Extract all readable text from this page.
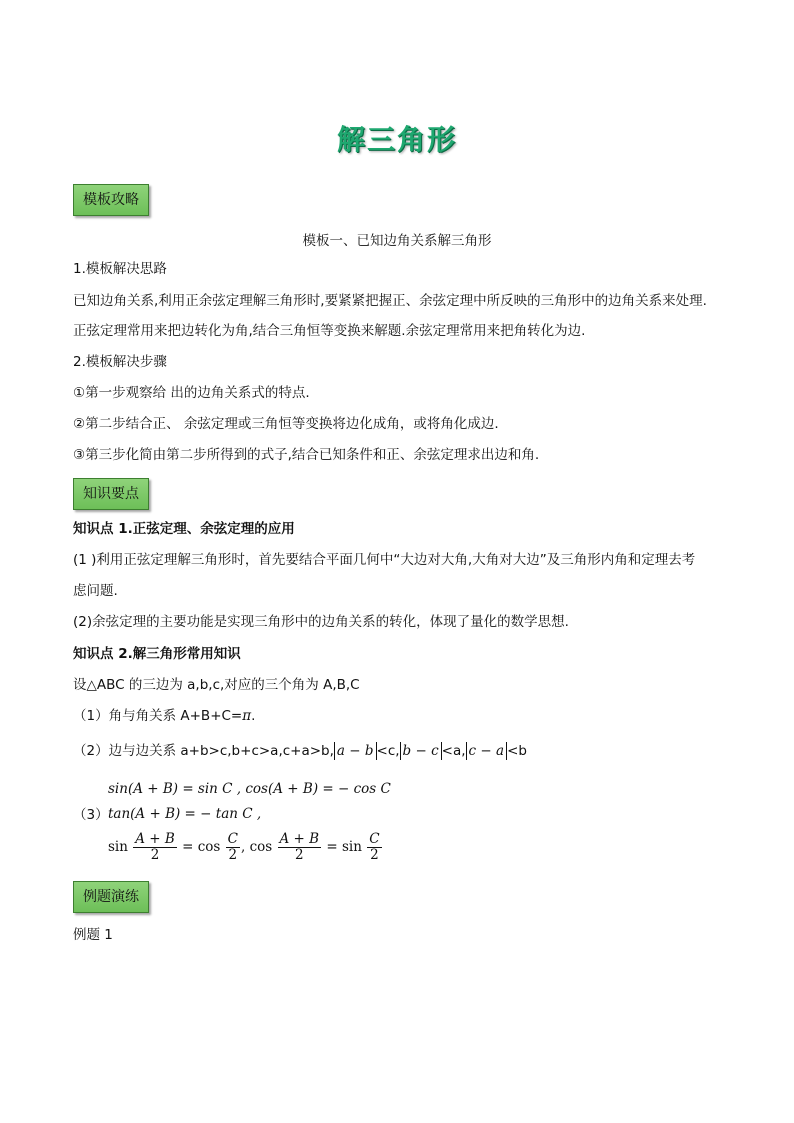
解三角形
模板攻略
模板一、已知边角关系解三角形
1.模板解决思路
已知边角关系,利用正余弦定理解三角形时,要紧紧把握正、余弦定理中所反映的三角形中的边角关系来处理.
正弦定理常用来把边转化为角,结合三角恒等变换来解题.余弦定理常用来把角转化为边.
2.模板解决步骤
①第一步观察给 出的边角关系式的特点.
②第二步结合正、 余弦定理或三角恒等变换将边化成角，或将角化成边.
③第三步化简由第二步所得到的式子,结合已知条件和正、余弦定理求出边和角.
知识要点
知识点 1.正弦定理、余弦定理的应用
(1 )利用正弦定理解三角形时，首先要结合平面几何中“大边对大角,大角对大边”及三角形内角和定理去考
虑问题.
(2)余弦定理的主要功能是实现三角形中的边角关系的转化，体现了量化的数学思想.
知识点 2.解三角形常用知识
设△ABC 的三边为 a,b,c,对应的三个角为 A,B,C
（1）角与角关系 A+B+C=π.
（2）边与边关系 a+b>c,b+c>a,c+a>b, a − b <c, b − c <a, c − a <b
sin(A + B) = sin C , cos(A + B) = − cos C
（3） tan(A + B) = − tan C ,
$\sin \frac{A + B}{2} = \cos \frac{C}{2}$ , $\cos \frac{A + B}{2} = \sin \frac{C}{2}$
例题演练
例题 1
